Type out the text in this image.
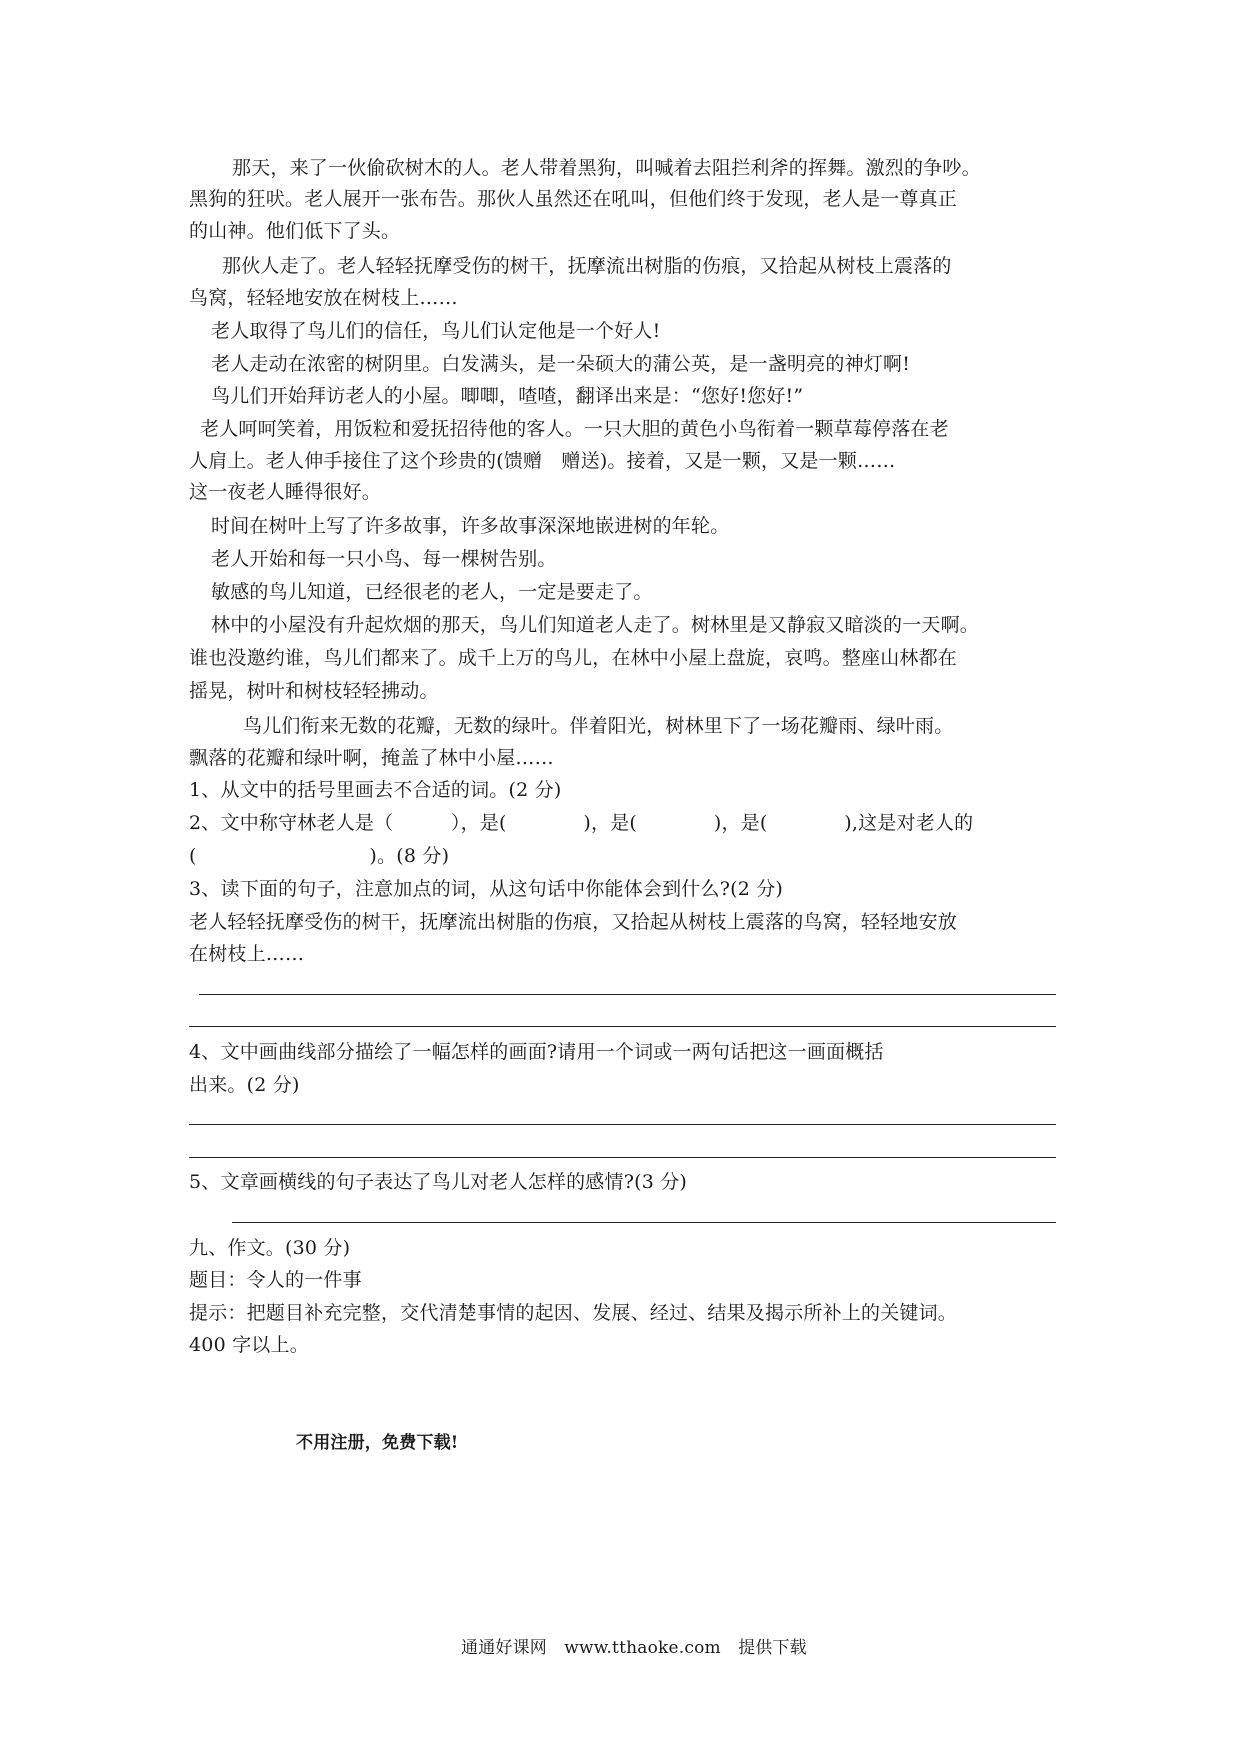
那天，来了一伙偷砍树木的人。老人带着黑狗，叫喊着去阻拦利斧的挥舞。激烈的争吵。
黑狗的狂吠。老人展开一张布告。那伙人虽然还在吼叫，但他们终于发现，老人是一尊真正
的山神。他们低下了头。
那伙人走了。老人轻轻抚摩受伤的树干，抚摩流出树脂的伤痕，又拾起从树枝上震落的
鸟窝，轻轻地安放在树枝上……
老人取得了鸟儿们的信任，鸟儿们认定他是一个好人!
老人走动在浓密的树阴里。白发满头，是一朵硕大的蒲公英，是一盏明亮的神灯啊!
鸟儿们开始拜访老人的小屋。唧唧，喳喳，翻译出来是：“您好!您好!”
老人呵呵笑着，用饭粒和爱抚招待他的客人。一只大胆的黄色小鸟衔着一颗草莓停落在老
人肩上。老人伸手接住了这个珍贵的(馈赠　赠送)。接着，又是一颗，又是一颗……
这一夜老人睡得很好。
时间在树叶上写了许多故事，许多故事深深地嵌进树的年轮。
老人开始和每一只小鸟、每一棵树告别。
敏感的鸟儿知道，已经很老的老人，一定是要走了。
林中的小屋没有升起炊烟的那天，鸟儿们知道老人走了。树林里是又静寂又暗淡的一天啊。
谁也没邀约谁，鸟儿们都来了。成千上万的鸟儿，在林中小屋上盘旋，哀鸣。整座山林都在
摇晃，树叶和树枝轻轻拂动。
鸟儿们衔来无数的花瓣，无数的绿叶。伴着阳光，树林里下了一场花瓣雨、绿叶雨。
飘落的花瓣和绿叶啊，掩盖了林中小屋……
1、从文中的括号里画去不合适的词。(2 分)
2、文中称守林老人是（　　　），是(　　　　)，是(　　　　)，是(　　　　),这是对老人的
(　　　　　　　　　)。(8 分)
3、读下面的句子，注意加点的词，从这句话中你能体会到什么?(2 分)
老人轻轻抚摩受伤的树干，抚摩流出树脂的伤痕，又拾起从树枝上震落的鸟窝，轻轻地安放
在树枝上……
4、文中画曲线部分描绘了一幅怎样的画面?请用一个词或一两句话把这一画面概括
出来。(2 分)
5、文章画横线的句子表达了鸟儿对老人怎样的感情?(3 分)
九、作文。(30 分)
题目：令人的一件事
提示：把题目补充完整，交代清楚事情的起因、发展、经过、结果及揭示所补上的关键词。
400 字以上。
不用注册，免费下载!
通通好课网　www.tthaoke.com　提供下载
